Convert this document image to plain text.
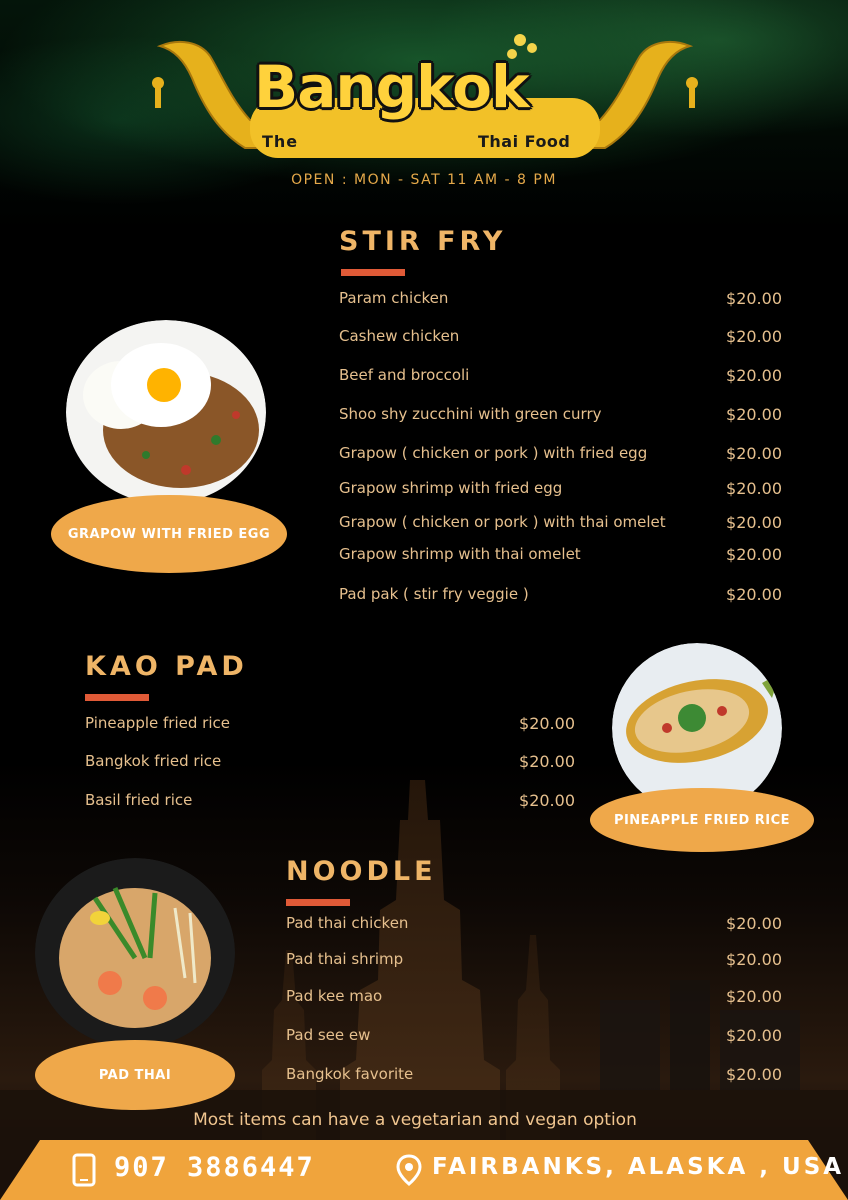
Bangkok
The	Thai Food
OPEN : MON - SAT 11 AM - 8 PM
STIR FRY
Param chicken	$20.00
Cashew chicken	$20.00
Beef and broccoli	$20.00
Shoo shy zucchini with green curry	$20.00
Grapow ( chicken or pork ) with fried egg	$20.00
Grapow shrimp with fried egg	$20.00
Grapow ( chicken or pork ) with thai omelet	$20.00
Grapow shrimp with thai omelet	$20.00
Pad pak ( stir fry veggie )	$20.00
GRAPOW WITH FRIED EGG
KAO PAD
Pineapple fried rice	$20.00
Bangkok fried rice	$20.00
Basil fried rice	$20.00
PINEAPPLE FRIED RICE
NOODLE
Pad thai chicken	$20.00
Pad thai shrimp	$20.00
Pad kee mao	$20.00
Pad see ew	$20.00
Bangkok favorite	$20.00
PAD THAI
Most items can have a vegetarian and vegan option
907 3886447	FAIRBANKS, ALASKA , USA
